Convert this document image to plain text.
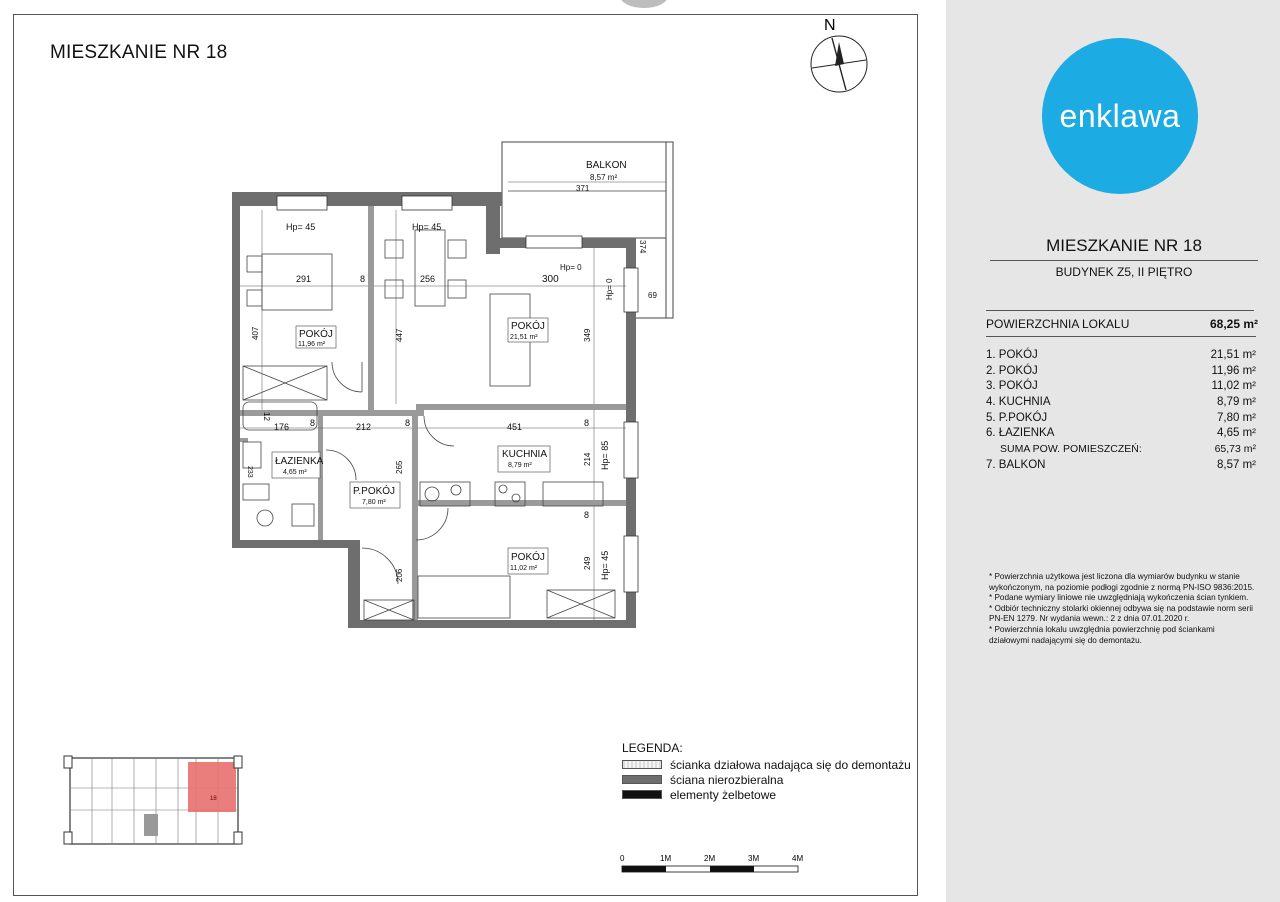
MIESZKANIE NR 18
N
BALKON
8,57 m²
371
374
69
Hp= 45	Hp= 45
Hp= 0
Hp= 0
Hp= 85
Hp= 45
291	8	256	300
407	447	349
12
176 8	212	8	451	8
233	265
214
8
206
249
POKÓJ
11,96 m²
POKÓJ
21,51 m²
KUCHNIA
8,79 m²
ŁAZIENKA
4,65 m²
P.POKÓJ
7,80 m²
POKÓJ
11,02 m²
18
LEGENDA:
ścianka działowa nadająca się do demontażu
ściana nierozbieralna
elementy żelbetowe
0	1M	2M	3M	4M
enklawa
MIESZKANIE NR 18
BUDYNEK Z5, II PIĘTRO
POWIERZCHNIA LOKALU	68,25 m²
1. POKÓJ	21,51 m²
2. POKÓJ	11,96 m²
3. POKÓJ	11,02 m²
4. KUCHNIA	8,79 m²
5. P.POKÓJ	7,80 m²
6. ŁAZIENKA	4,65 m²
SUMA POW. POMIESZCZEŃ:	65,73 m²
7. BALKON	8,57 m²

* Powierzchnia użytkowa jest liczona dla wymiarów budynku w stanie wykończonym, na poziomie podłogi zgodnie z normą PN-ISO 9836:2015.

* Podane wymiary liniowe nie uwzględniają wykończenia ścian tynkiem.

* Odbiór techniczny stolarki okiennej odbywa się na podstawie norm serii PN-EN 1279. Nr wydania wewn.: 2 z dnia 07.01.2020 r.

* Powierzchnia lokalu uwzględnia powierzchnię pod ściankami działowymi nadającymi się do demontażu.
